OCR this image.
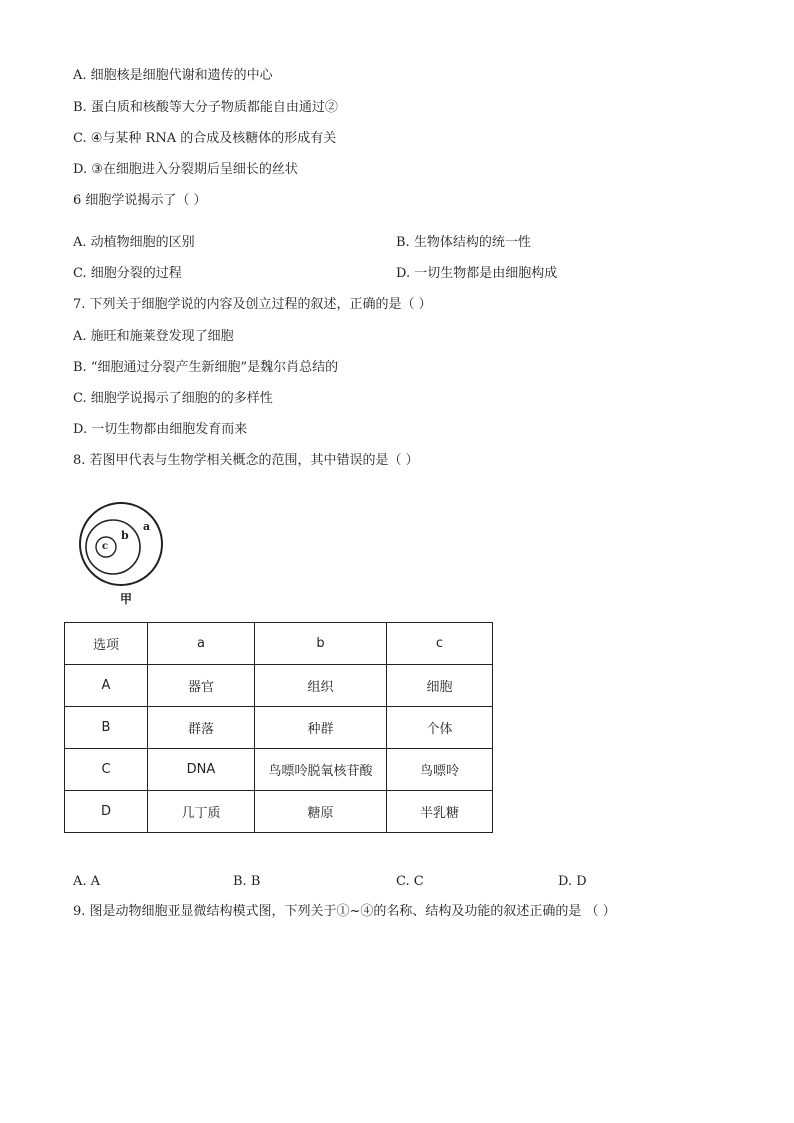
A. 细胞核是细胞代谢和遗传的中心
B. 蛋白质和核酸等大分子物质都能自由通过②
C. ④与某种 RNA 的合成及核糖体的形成有关
D. ③在细胞进入分裂期后呈细长的丝状
6 细胞学说揭示了（ ）
A. 动植物细胞的区别	B. 生物体结构的统一性
C. 细胞分裂的过程	D. 一切生物都是由细胞构成
7. 下列关于细胞学说的内容及创立过程的叙述，正确的是（ ）
A. 施旺和施莱登发现了细胞
B. “细胞通过分裂产生新细胞”是魏尔肖总结的
C. 细胞学说揭示了细胞的的多样性
D. 一切生物都由细胞发育而来
8. 若图甲代表与生物学相关概念的范围，其中错误的是（ ）
a
b
c
甲
选项	a	b	c
A	器官	组织	细胞
B	群落	种群	个体
C	DNA	鸟嘌呤脱氧核苷酸	鸟嘌呤
D	几丁质	糖原	半乳糖
A. A	B. B	C. C	D. D
9. 图是动物细胞亚显微结构模式图，下列关于①~④的名称、结构及功能的叙述正确的是 （ ）
